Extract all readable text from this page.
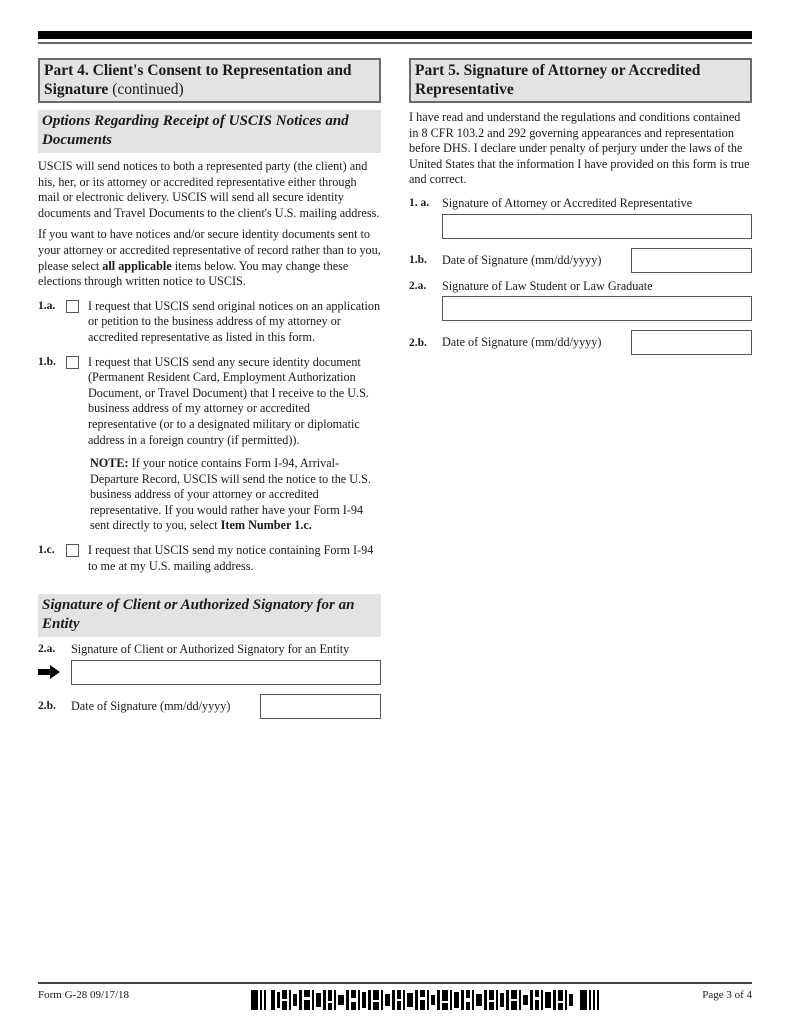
Part 4. Client's Consent to Representation and Signature (continued)
Options Regarding Receipt of USCIS Notices and Documents

USCIS will send notices to both a represented party (the client) and his, her, or its attorney or accredited representative either through mail or electronic delivery. USCIS will send all secure identity documents and Travel Documents to the client's U.S. mailing address.

If you want to have notices and/or secure identity documents sent to your attorney or accredited representative of record rather than to you, please select all applicable items below. You may change these elections through written notice to USCIS.

1.a.	I request that USCIS send original notices on an application or petition to the business address of my attorney or accredited representative as listed in this form.
1.b.	I request that USCIS send any secure identity document (Permanent Resident Card, Employment Authorization Document, or Travel Document) that I receive to the U.S. business address of my attorney or accredited representative (or to a designated military or diplomatic address in a foreign country (if permitted)).

NOTE: If your notice contains Form I-94, Arrival-Departure Record, USCIS will send the notice to the U.S. business address of your attorney or accredited representative. If you would rather have your Form I-94 sent directly to you, select Item Number 1.c.

1.c.	I request that USCIS send my notice containing Form I-94 to me at my U.S. mailing address.
Signature of Client or Authorized Signatory for an Entity
2.a.	Signature of Client or Authorized Signatory for an Entity
2.b.	Date of Signature (mm/dd/yyyy)
Part 5. Signature of Attorney or Accredited Representative

I have read and understand the regulations and conditions contained in 8 CFR 103.2 and 292 governing appearances and representation before DHS. I declare under penalty of perjury under the laws of the United States that the information I have provided on this form is true and correct.

1. a.	Signature of Attorney or Accredited Representative
1.b.	Date of Signature (mm/dd/yyyy)
2.a.	Signature of Law Student or Law Graduate
2.b.	Date of Signature (mm/dd/yyyy)
Form G-28 09/17/18	Page 3 of 4
